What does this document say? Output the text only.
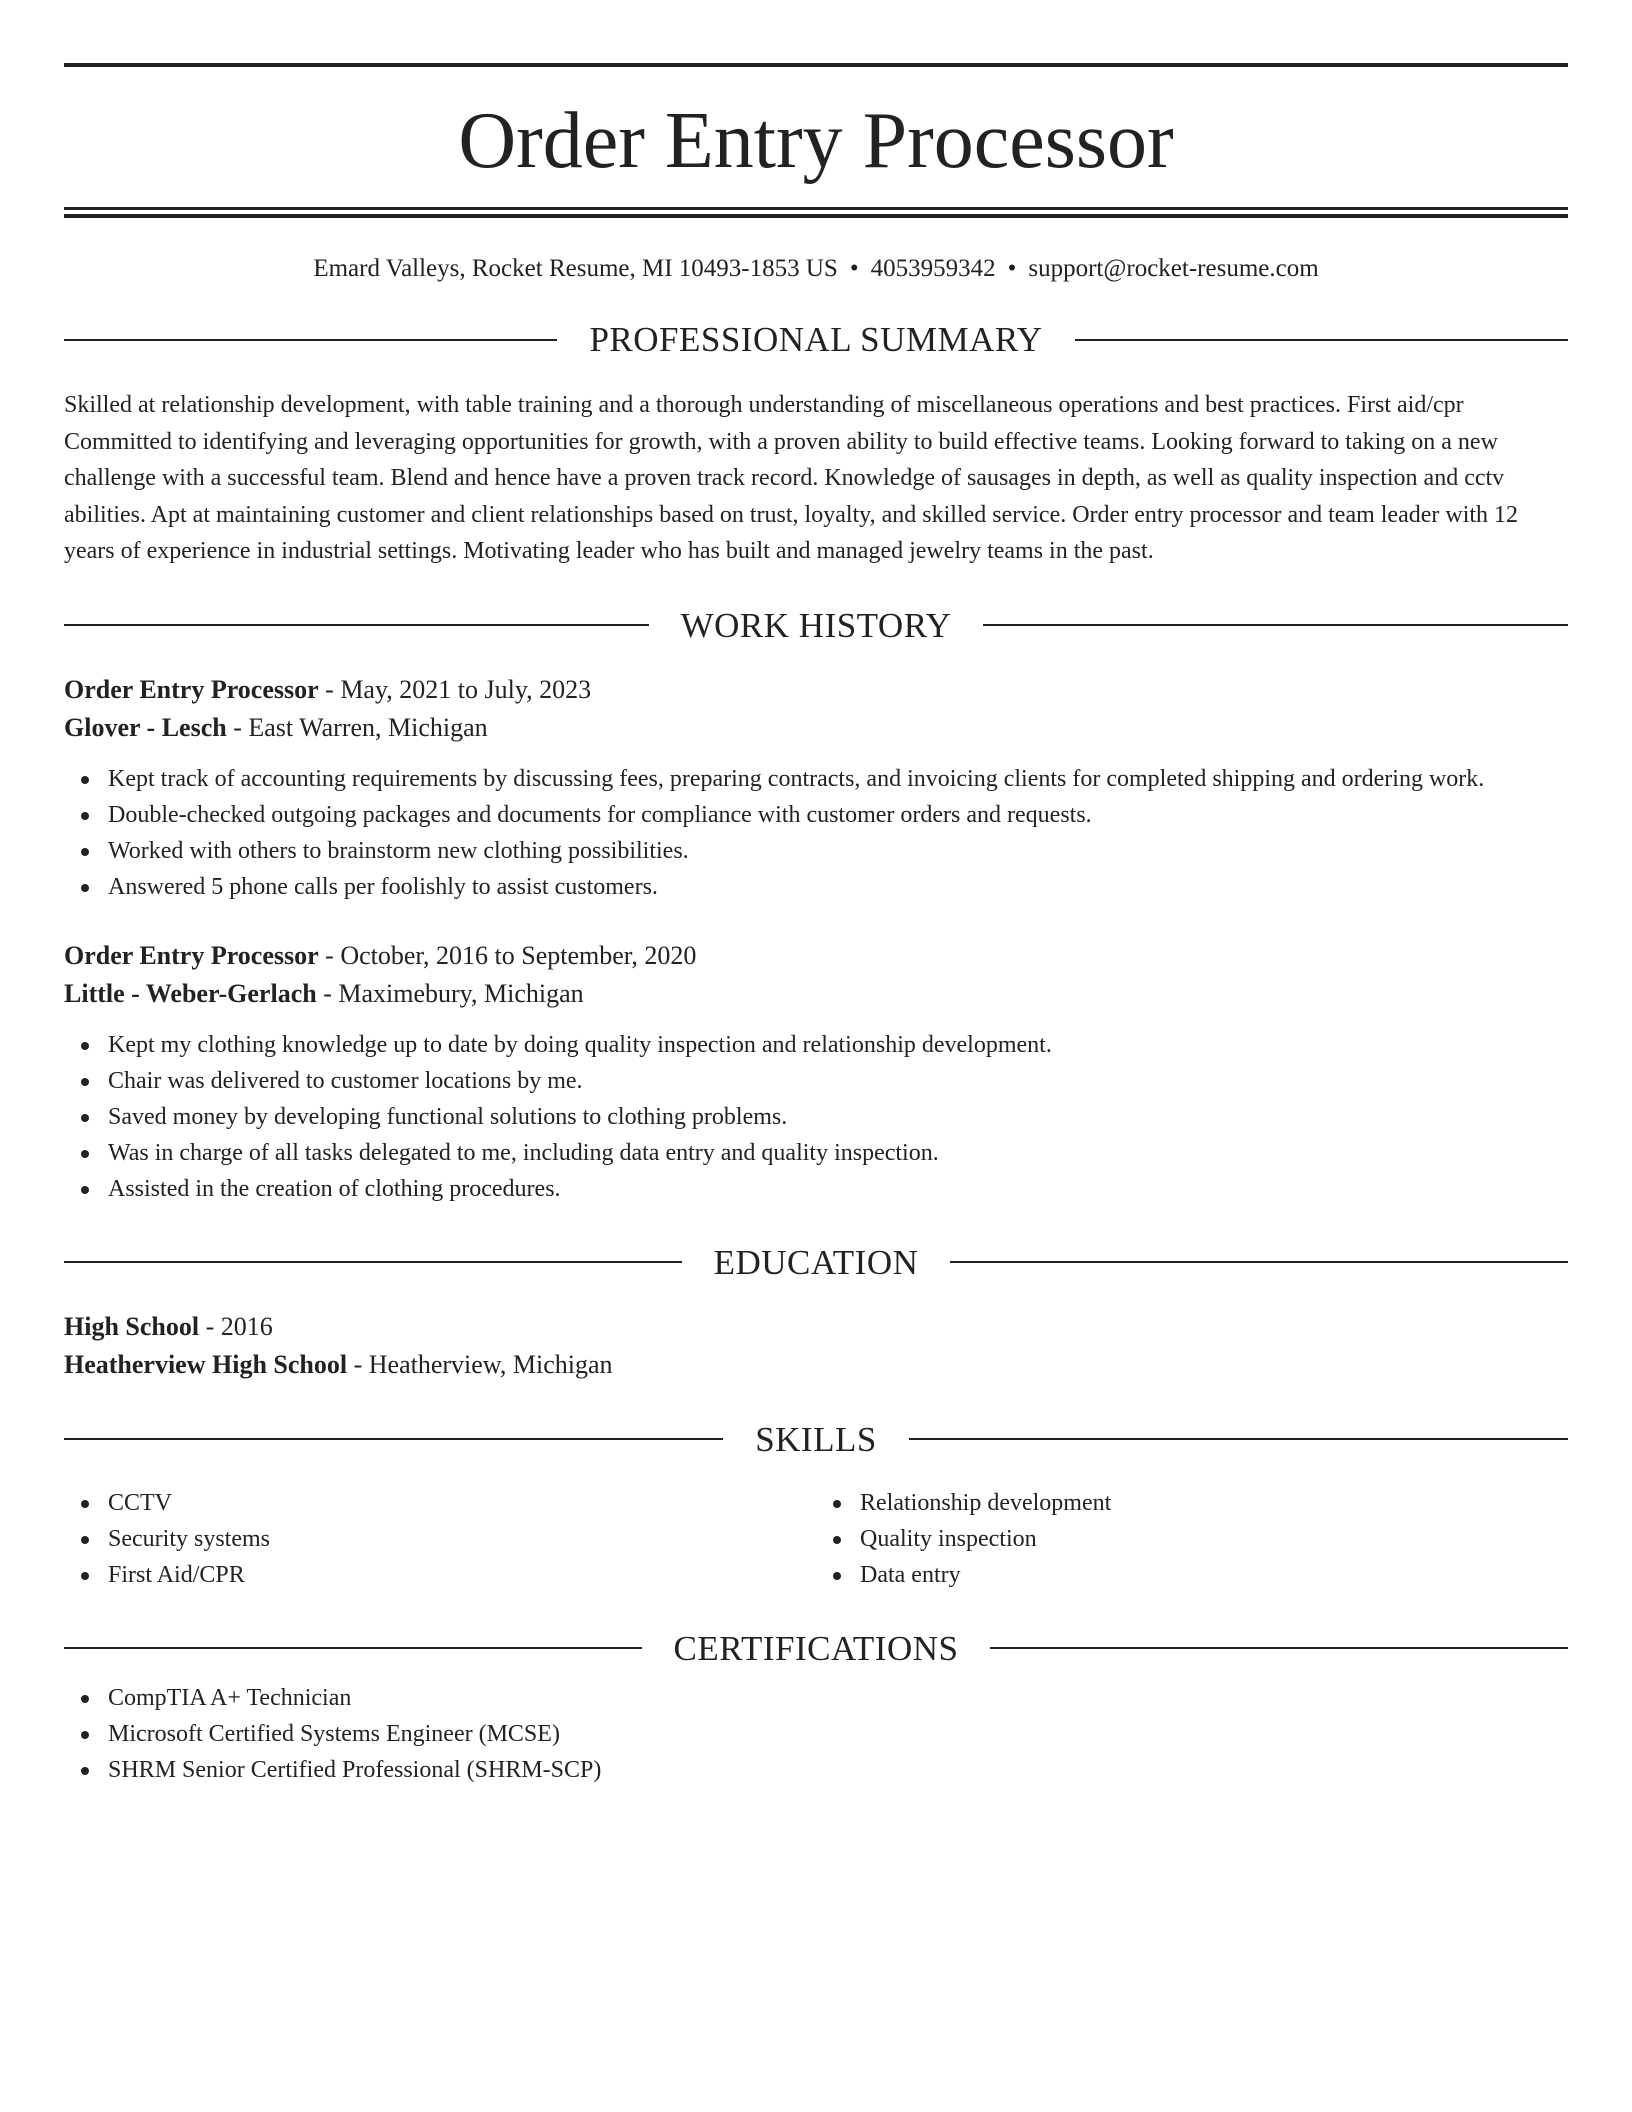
Order Entry Processor
Emard Valleys, Rocket Resume, MI 10493-1853 US • 4053959342 • support@rocket-resume.com
PROFESSIONAL SUMMARY
Skilled at relationship development, with table training and a thorough understanding of miscellaneous operations and best practices. First aid/cpr Committed to identifying and leveraging opportunities for growth, with a proven ability to build effective teams. Looking forward to taking on a new challenge with a successful team. Blend and hence have a proven track record. Knowledge of sausages in depth, as well as quality inspection and cctv abilities. Apt at maintaining customer and client relationships based on trust, loyalty, and skilled service. Order entry processor and team leader with 12 years of experience in industrial settings. Motivating leader who has built and managed jewelry teams in the past.
WORK HISTORY
Order Entry Processor - May, 2021 to July, 2023
Glover - Lesch - East Warren, Michigan
Kept track of accounting requirements by discussing fees, preparing contracts, and invoicing clients for completed shipping and ordering work.
Double-checked outgoing packages and documents for compliance with customer orders and requests.
Worked with others to brainstorm new clothing possibilities.
Answered 5 phone calls per foolishly to assist customers.
Order Entry Processor - October, 2016 to September, 2020
Little - Weber-Gerlach - Maximebury, Michigan
Kept my clothing knowledge up to date by doing quality inspection and relationship development.
Chair was delivered to customer locations by me.
Saved money by developing functional solutions to clothing problems.
Was in charge of all tasks delegated to me, including data entry and quality inspection.
Assisted in the creation of clothing procedures.
EDUCATION
High School - 2016
Heatherview High School - Heatherview, Michigan
SKILLS
CCTV
Security systems
First Aid/CPR
Relationship development
Quality inspection
Data entry
CERTIFICATIONS
CompTIA A+ Technician
Microsoft Certified Systems Engineer (MCSE)
SHRM Senior Certified Professional (SHRM-SCP)
